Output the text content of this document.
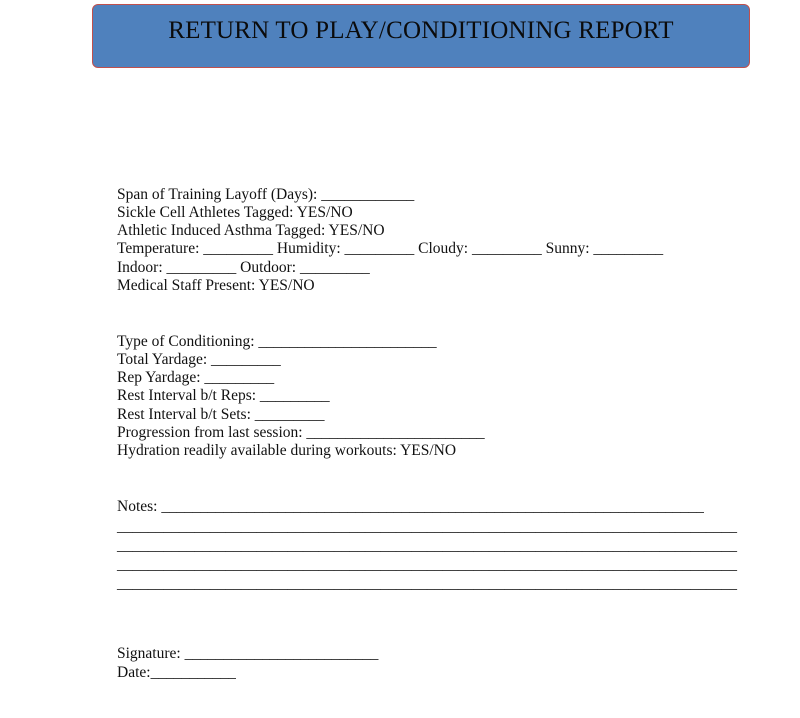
RETURN TO PLAY/CONDITIONING REPORT
Span of Training Layoff (Days): ____________
Sickle Cell Athletes Tagged: YES/NO
Athletic Induced Asthma Tagged: YES/NO
Temperature: _________ Humidity: _________ Cloudy: _________ Sunny: _________
Indoor: _________ Outdoor: _________
Medical Staff Present: YES/NO
Type of Conditioning: _______________________
Total Yardage: _________
Rep Yardage: _________
Rest Interval b/t Reps: _________
Rest Interval b/t Sets: _________
Progression from last session: _______________________
Hydration readily available during workouts: YES/NO
Notes: ______________________________________________________________________
________________________________________________________________________________
________________________________________________________________________________
________________________________________________________________________________
________________________________________________________________________________
Signature: _________________________
Date:___________
